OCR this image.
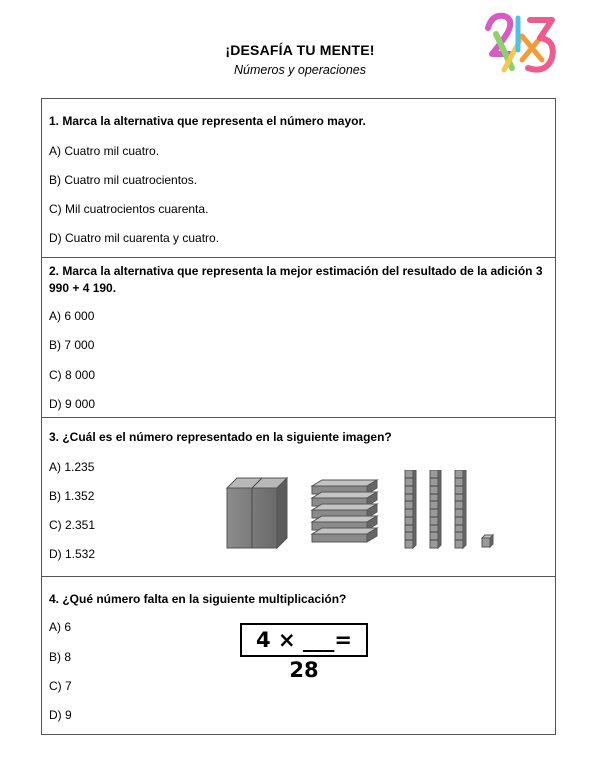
¡DESAFÍA TU MENTE!
Números y operaciones
1. Marca la alternativa que representa el número mayor.
A) Cuatro mil cuatro.
B) Cuatro mil cuatrocientos.
C) Mil cuatrocientos cuarenta.
D) Cuatro mil cuarenta y cuatro.
2. Marca la alternativa que representa la mejor estimación del resultado de la adición 3 990 + 4 190.
A) 6 000
B) 7 000
C) 8 000
D) 9 000
3. ¿Cuál es el número representado en la siguiente imagen?
A) 1.235
B) 1.352
C) 2.351
D) 1.532
4. ¿Qué número falta en la siguiente multiplicación?
A) 6
B) 8
C) 7
D) 9
4 × ___= 28
